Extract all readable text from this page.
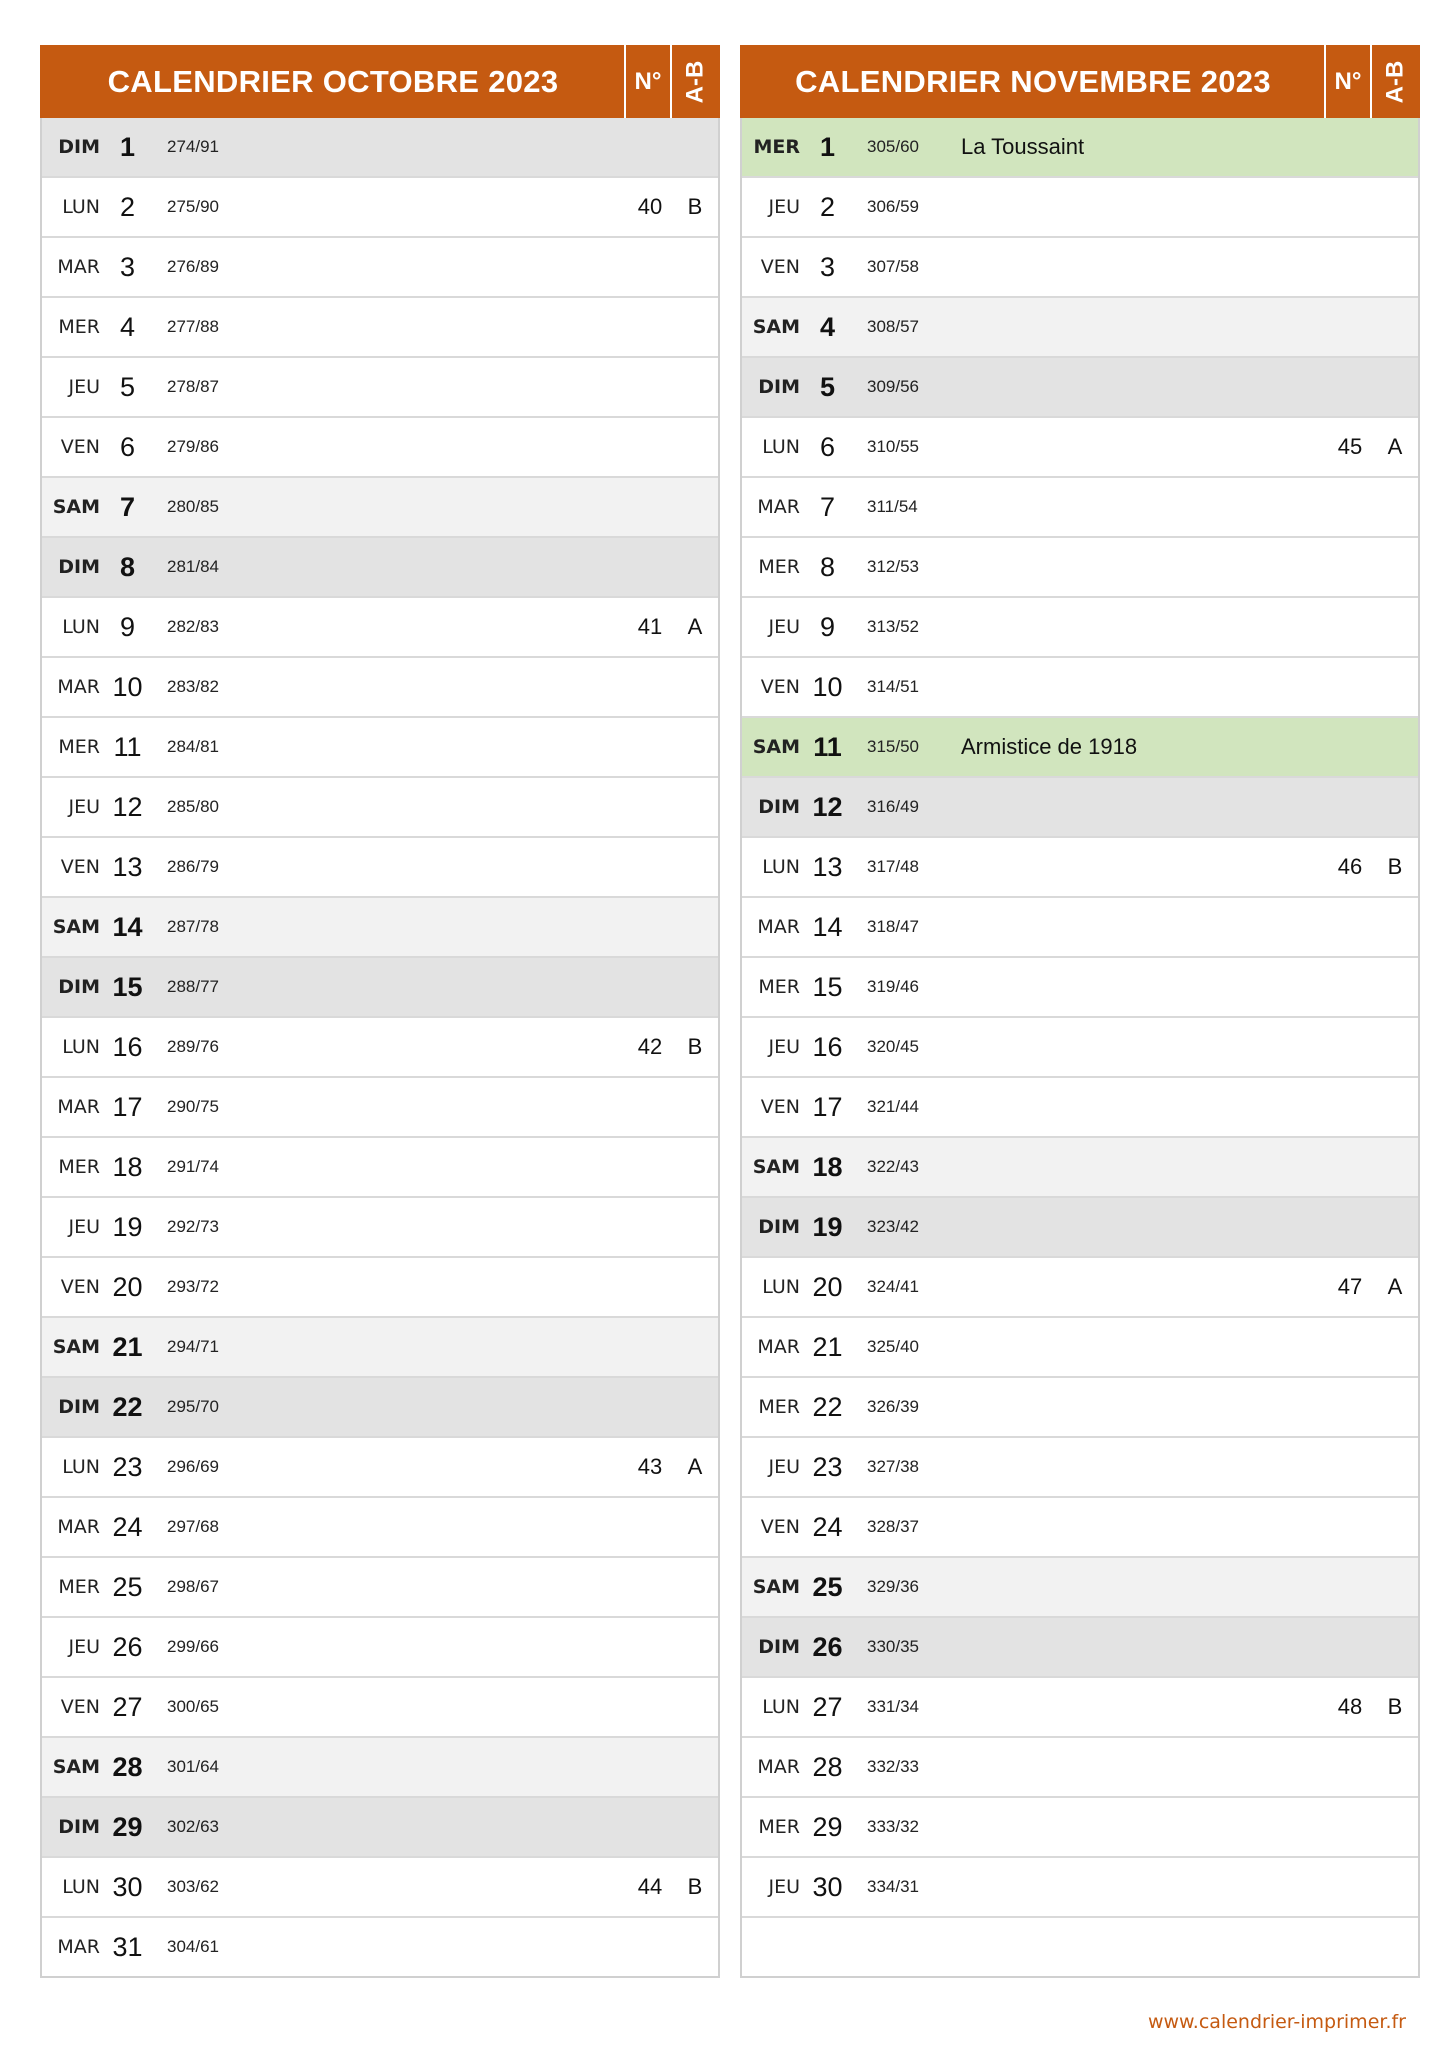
CALENDRIER OCTOBRE 2023	N° A-B
DIM 1	274/91
LUN 2	275/90	40	B
MAR 3	276/89
MER 4	277/88
JEU 5	278/87
VEN 6	279/86
SAM 7	280/85
DIM 8	281/84
LUN 9	282/83	41	A
MAR 10	283/82
MER 11	284/81
JEU 12	285/80
VEN 13	286/79
SAM 14	287/78
DIM 15	288/77
LUN 16	289/76	42	B
MAR 17	290/75
MER 18	291/74
JEU 19	292/73
VEN 20	293/72
SAM 21	294/71
DIM 22	295/70
LUN 23	296/69	43	A
MAR 24	297/68
MER 25	298/67
JEU 26	299/66
VEN 27	300/65
SAM 28	301/64
DIM 29	302/63
LUN 30	303/62	44	B
MAR 31	304/61
CALENDRIER NOVEMBRE 2023	N° A-B
MER 1	305/60	La Toussaint
JEU 2	306/59
VEN 3	307/58
SAM 4	308/57
DIM 5	309/56
LUN 6	310/55	45	A
MAR 7	311/54
MER 8	312/53
JEU 9	313/52
VEN 10	314/51
SAM 11	315/50	Armistice de 1918
DIM 12	316/49
LUN 13	317/48	46	B
MAR 14	318/47
MER 15	319/46
JEU 16	320/45
VEN 17	321/44
SAM 18	322/43
DIM 19	323/42
LUN 20	324/41	47	A
MAR 21	325/40
MER 22	326/39
JEU 23	327/38
VEN 24	328/37
SAM 25	329/36
DIM 26	330/35
LUN 27	331/34	48	B
MAR 28	332/33
MER 29	333/32
JEU 30	334/31
www.calendrier-imprimer.fr
